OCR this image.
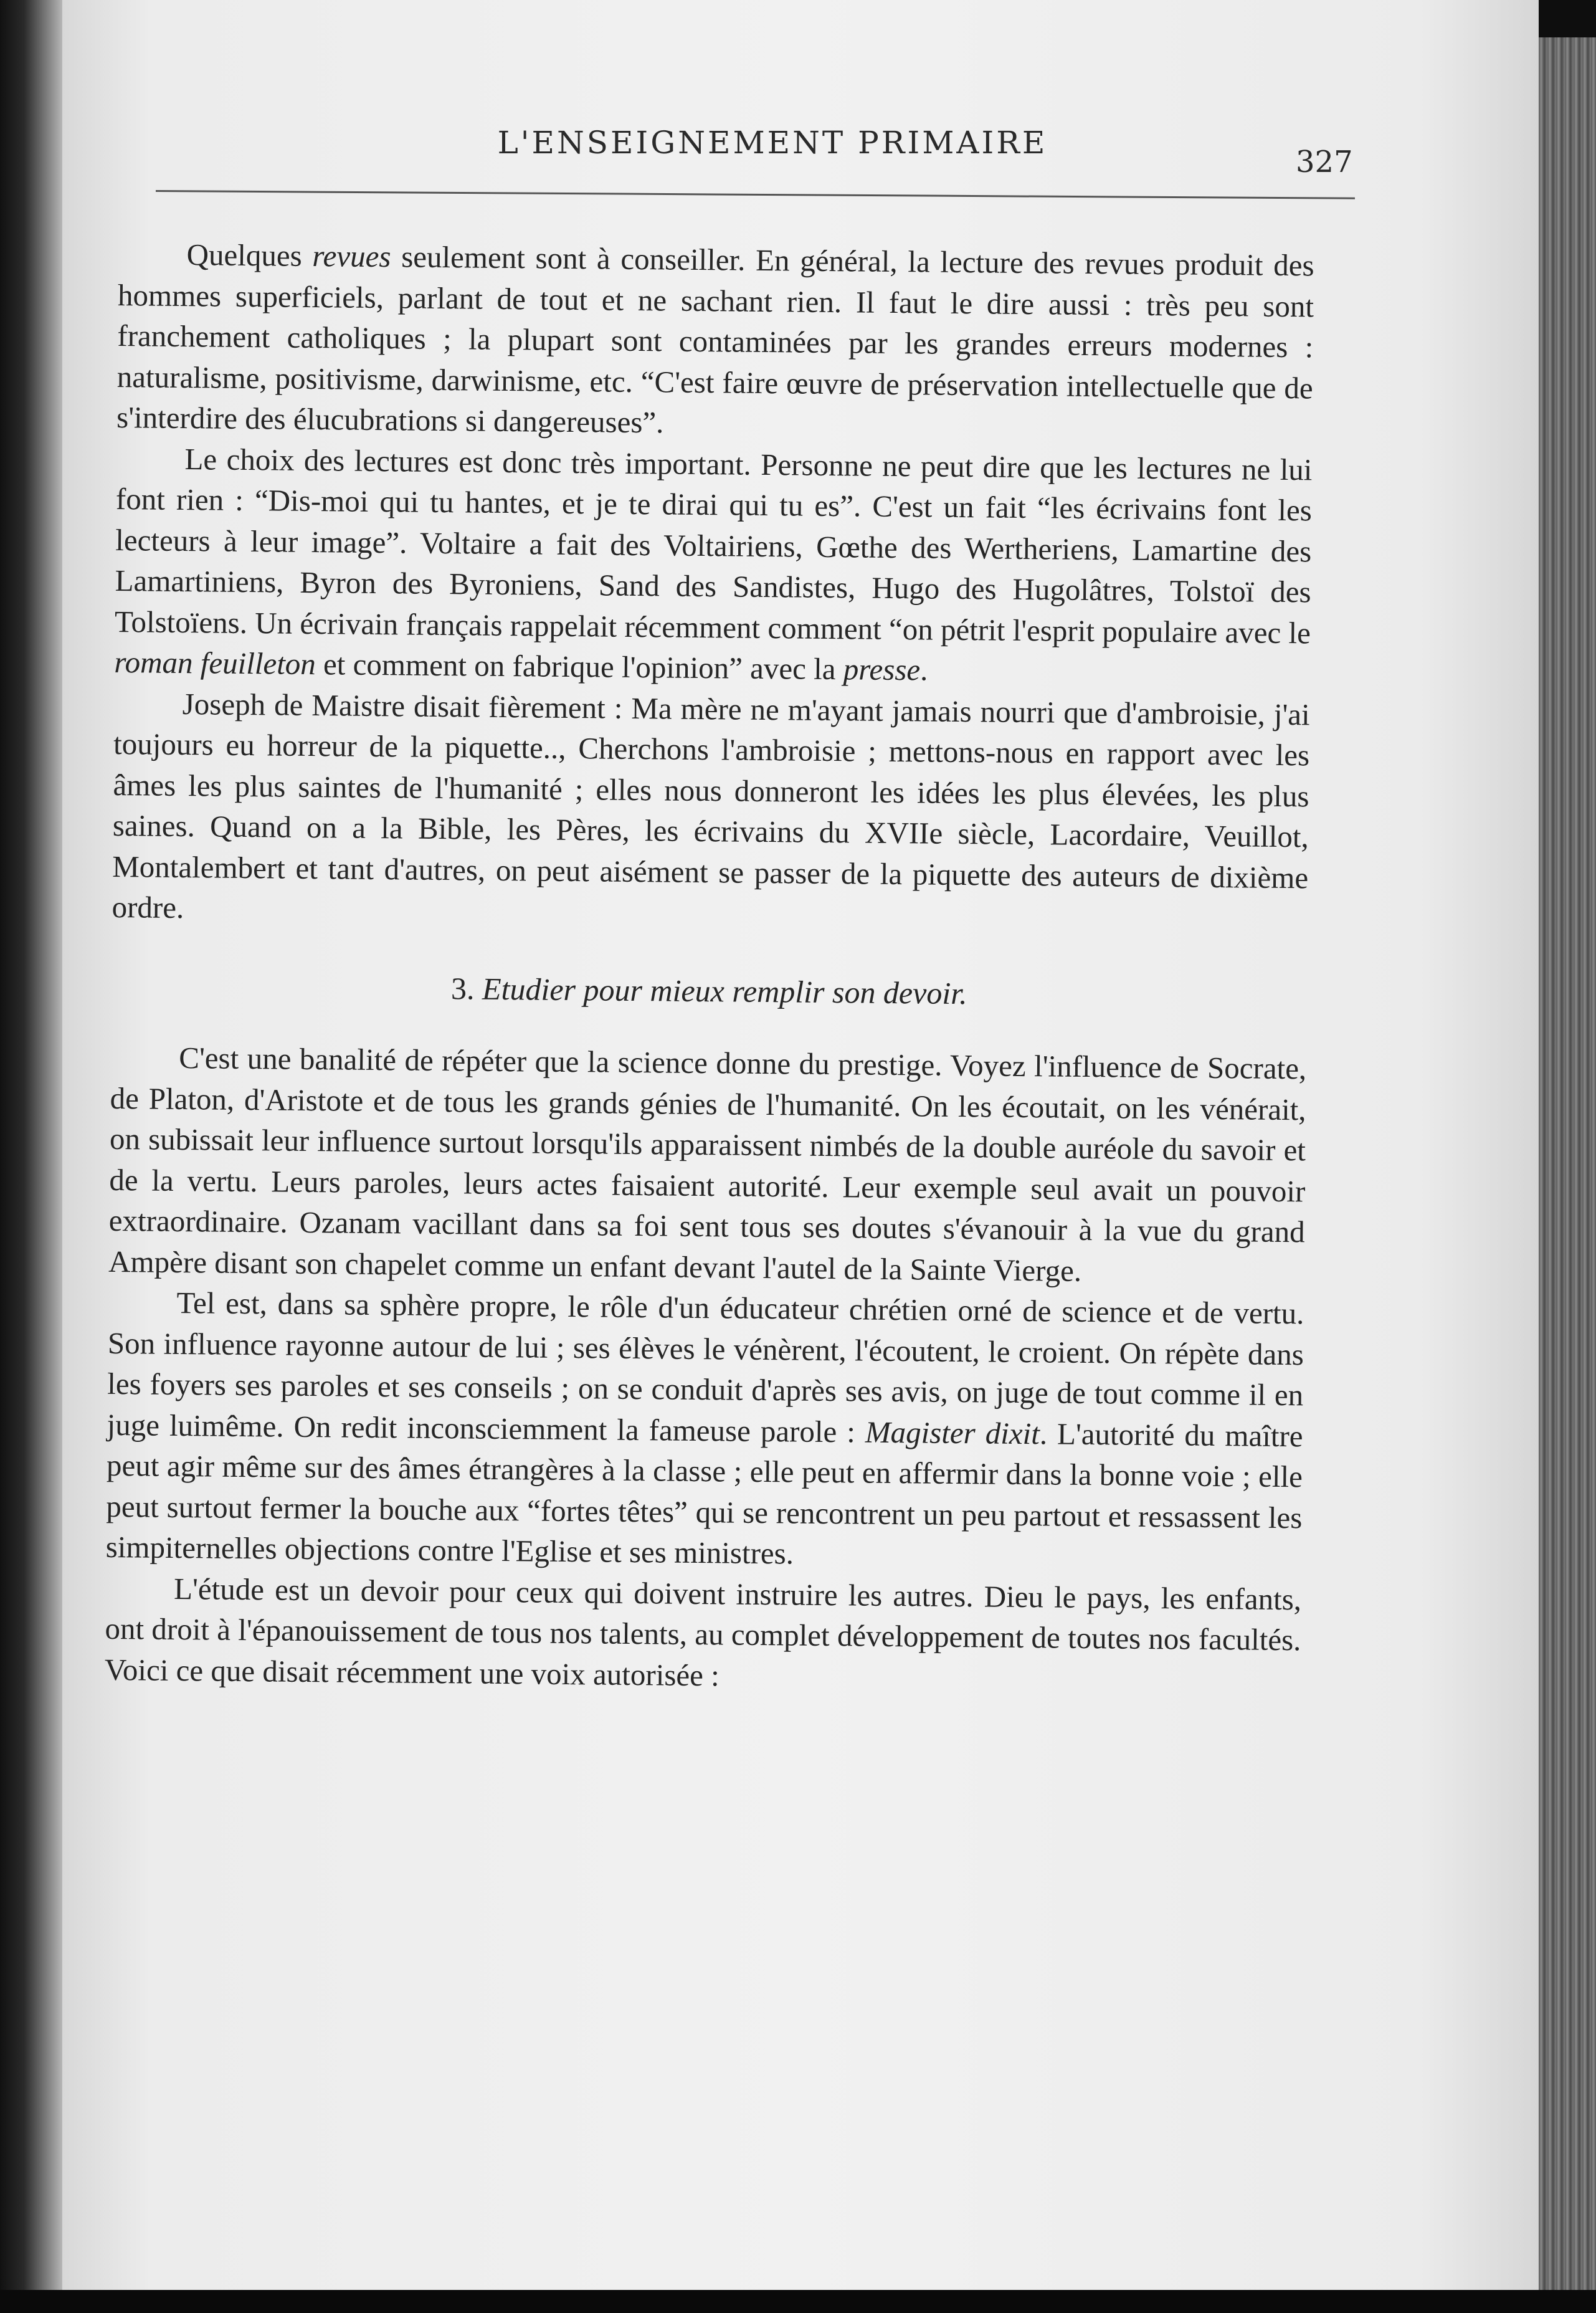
L'ENSEIGNEMENT PRIMAIRE
327

Quelques revues seulement sont à conseiller. En général, la lecture des revues produit des hommes superficiels, parlant de tout et ne sachant rien. Il faut le dire aussi : très peu sont franchement catholiques ; la plupart sont contaminées par les grandes erreurs modernes : naturalisme, positivisme, darwinisme, etc. “C'est faire œuvre de préservation intellectuelle que de s'interdire des élucubrations si dangereuses”.

Le choix des lectures est donc très important. Personne ne peut dire que les lectures ne lui font rien : “Dis-moi qui tu hantes, et je te dirai qui tu es”. C'est un fait “les écrivains font les lecteurs à leur image”. Voltaire a fait des Voltairiens, Gœthe des Wertheriens, Lamartine des Lamartiniens, Byron des Byroniens, Sand des Sandistes, Hugo des Hugolâtres, Tolstoï des Tolstoïens. Un écrivain français rappelait récemment comment “on pétrit l'esprit populaire avec le roman feuilleton et comment on fabrique l'opinion” avec la presse.

Joseph de Maistre disait fièrement : Ma mère ne m'ayant jamais nourri que d'ambroisie, j'ai toujours eu horreur de la piquette.., Cherchons l'ambroisie ; mettons-nous en rapport avec les âmes les plus saintes de l'humanité ; elles nous donneront les idées les plus élevées, les plus saines. Quand on a la Bible, les Pères, les écrivains du XVIIe siècle, Lacordaire, Veuillot, Montalembert et tant d'autres, on peut aisément se passer de la piquette des auteurs de dixième ordre.

3. Etudier pour mieux remplir son devoir.

C'est une banalité de répéter que la science donne du prestige. Voyez l'influence de Socrate, de Platon, d'Aristote et de tous les grands génies de l'humanité. On les écoutait, on les vénérait, on subissait leur influence surtout lorsqu'ils apparaissent nimbés de la double auréole du savoir et de la vertu. Leurs paroles, leurs actes faisaient autorité. Leur exemple seul avait un pouvoir extraordinaire. Ozanam vacillant dans sa foi sent tous ses doutes s'évanouir à la vue du grand Ampère disant son chapelet comme un enfant devant l'autel de la Sainte Vierge.

Tel est, dans sa sphère propre, le rôle d'un éducateur chrétien orné de science et de vertu. Son influence rayonne autour de lui ; ses élèves le vénèrent, l'écoutent, le croient. On répète dans les foyers ses paroles et ses conseils ; on se conduit d'après ses avis, on juge de tout comme il en juge luimême. On redit inconsciemment la fameuse parole : Magister dixit. L'autorité du maître peut agir même sur des âmes étrangères à la classe ; elle peut en affermir dans la bonne voie ; elle peut surtout fermer la bouche aux “fortes têtes” qui se rencontrent un peu partout et ressassent les simpiternelles objections contre l'Eglise et ses ministres.

L'étude est un devoir pour ceux qui doivent instruire les autres. Dieu le pays, les enfants, ont droit à l'épanouissement de tous nos talents, au complet développement de toutes nos facultés. Voici ce que disait récemment une voix autorisée :
